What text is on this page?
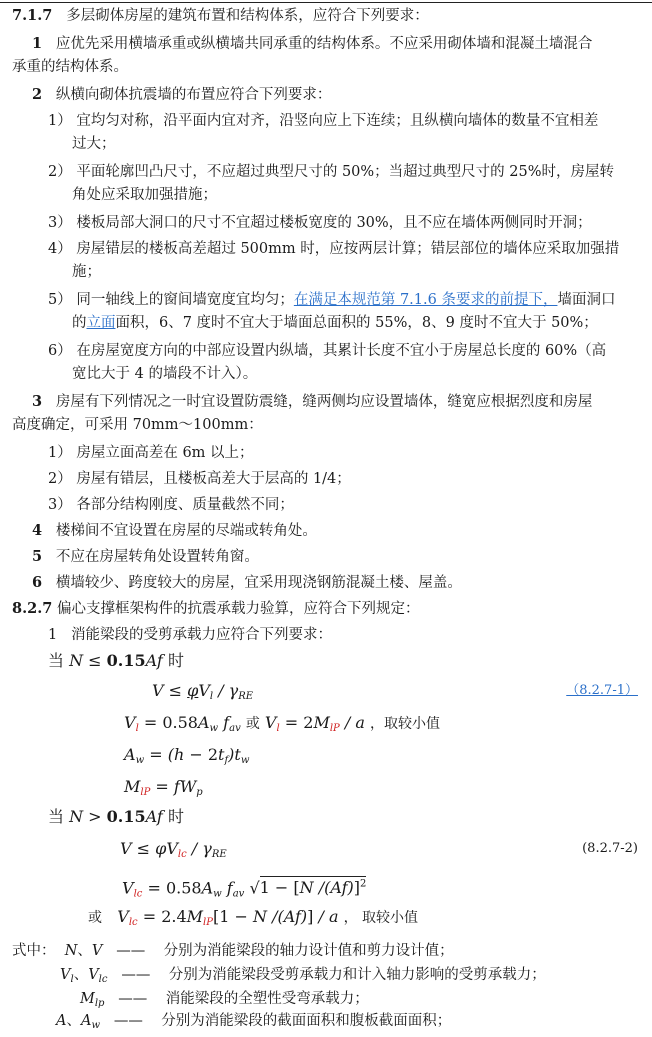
7.1.7 多层砌体房屋的建筑布置和结构体系，应符合下列要求：
1 应优先采用横墙承重或纵横墙共同承重的结构体系。不应采用砌体墙和混凝土墙混合
承重的结构体系。
2 纵横向砌体抗震墙的布置应符合下列要求：
1） 宜均匀对称，沿平面内宜对齐，沿竖向应上下连续；且纵横向墙体的数量不宜相差
过大；
2） 平面轮廓凹凸尺寸，不应超过典型尺寸的 50%；当超过典型尺寸的 25%时，房屋转
角处应采取加强措施；
3） 楼板局部大洞口的尺寸不宜超过楼板宽度的 30%，且不应在墙体两侧同时开洞；
4） 房屋错层的楼板高差超过 500mm 时，应按两层计算；错层部位的墙体应采取加强措
施；
5） 同一轴线上的窗间墙宽度宜均匀；在满足本规范第 7.1.6 条要求的前提下，墙面洞口
的立面面积，6、7 度时不宜大于墙面总面积的 55%，8、9 度时不宜大于 50%；
6） 在房屋宽度方向的中部应设置内纵墙，其累计长度不宜小于房屋总长度的 60%（高
宽比大于 4 的墙段不计入）。
3 房屋有下列情况之一时宜设置防震缝，缝两侧均应设置墙体，缝宽应根据烈度和房屋
高度确定，可采用 70mm～100mm：
1） 房屋立面高差在 6m 以上；
2） 房屋有错层，且楼板高差大于层高的 1/4；
3） 各部分结构刚度、质量截然不同；
4 楼梯间不宜设置在房屋的尽端或转角处。
5 不应在房屋转角处设置转角窗。
6 横墙较少、跨度较大的房屋，宜采用现浇钢筋混凝土楼、屋盖。
8.2.7 偏心支撑框架构件的抗震承载力验算，应符合下列规定：
1 消能梁段的受剪承载力应符合下列要求：
当 N ≤ 0.15Af 时
$V \le \varphi V_l / \gamma_{RE}$	（8.2.7-1）
$V_l = 0.58A_w$ $f_{av}$ 或 $V_l = 2M_{lP} / a$ ，取较小值
$A_w = (h - 2t_f)t_w$
$M_{lP} = fW_p$
当 N > 0.15Af 时
$V \le \varphi V_{lc} / \gamma_{RE}$	(8.2.7-2)
$V_{lc} = 0.58A_w$ $f_{av}$ √1 − [N /(Af)]$^2$
或   $V_{lc} = 2.4M_{lP}[1 - N$ /(Af)] / a ， 取较小值
式中： N、V —— 分别为消能梁段的轴力设计值和剪力设计值；
$V_l$、$V_{lc}$ —— 分别为消能梁段受剪承载力和计入轴力影响的受剪承载力；
$M_{lp}$ —— 消能梁段的全塑性受弯承载力；
A、$A_w$ —— 分别为消能梁段的截面面积和腹板截面面积；
